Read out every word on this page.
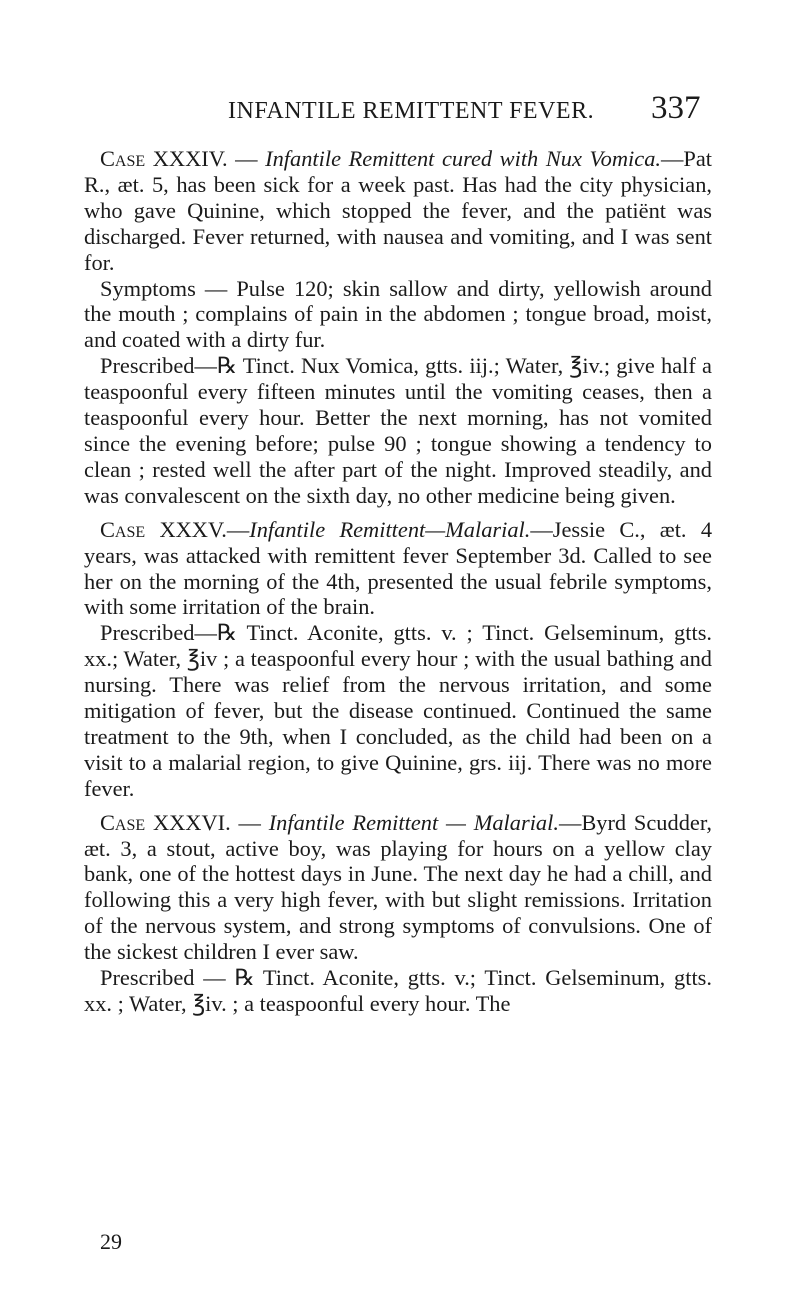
INFANTILE REMITTENT FEVER. 337

Case XXXIV. — Infantile Remittent cured with Nux Vomica.—Pat R., æt. 5, has been sick for a week past. Has had the city physician, who gave Quinine, which stopped the fever, and the patiënt was discharged. Fever returned, with nausea and vomiting, and I was sent for.

Symptoms — Pulse 120; skin sallow and dirty, yellowish around the mouth ; complains of pain in the abdomen ; tongue broad, moist, and coated with a dirty fur.

Prescribed—℞ Tinct. Nux Vomica, gtts. iij.; Water, ℥iv.; give half a teaspoonful every fifteen minutes until the vomiting ceases, then a teaspoonful every hour. Better the next morning, has not vomited since the evening before; pulse 90 ; tongue showing a tendency to clean ; rested well the after part of the night. Improved steadily, and was convalescent on the sixth day, no other medicine being given.

Case XXXV.—Infantile Remittent—Malarial.—Jessie C., æt. 4 years, was attacked with remittent fever September 3d. Called to see her on the morning of the 4th, presented the usual febrile symptoms, with some irritation of the brain.

Prescribed—℞ Tinct. Aconite, gtts. v. ; Tinct. Gelseminum, gtts. xx.; Water, ℥iv ; a teaspoonful every hour ; with the usual bathing and nursing. There was relief from the nervous irritation, and some mitigation of fever, but the disease continued. Continued the same treatment to the 9th, when I concluded, as the child had been on a visit to a malarial region, to give Quinine, grs. iij. There was no more fever.

Case XXXVI. — Infantile Remittent — Malarial.—Byrd Scudder, æt. 3, a stout, active boy, was playing for hours on a yellow clay bank, one of the hottest days in June. The next day he had a chill, and following this a very high fever, with but slight remissions. Irritation of the nervous system, and strong symptoms of convulsions. One of the sickest children I ever saw.

Prescribed — ℞ Tinct. Aconite, gtts. v.; Tinct. Gelseminum, gtts. xx. ; Water, ℥iv. ; a teaspoonful every hour. The

29
